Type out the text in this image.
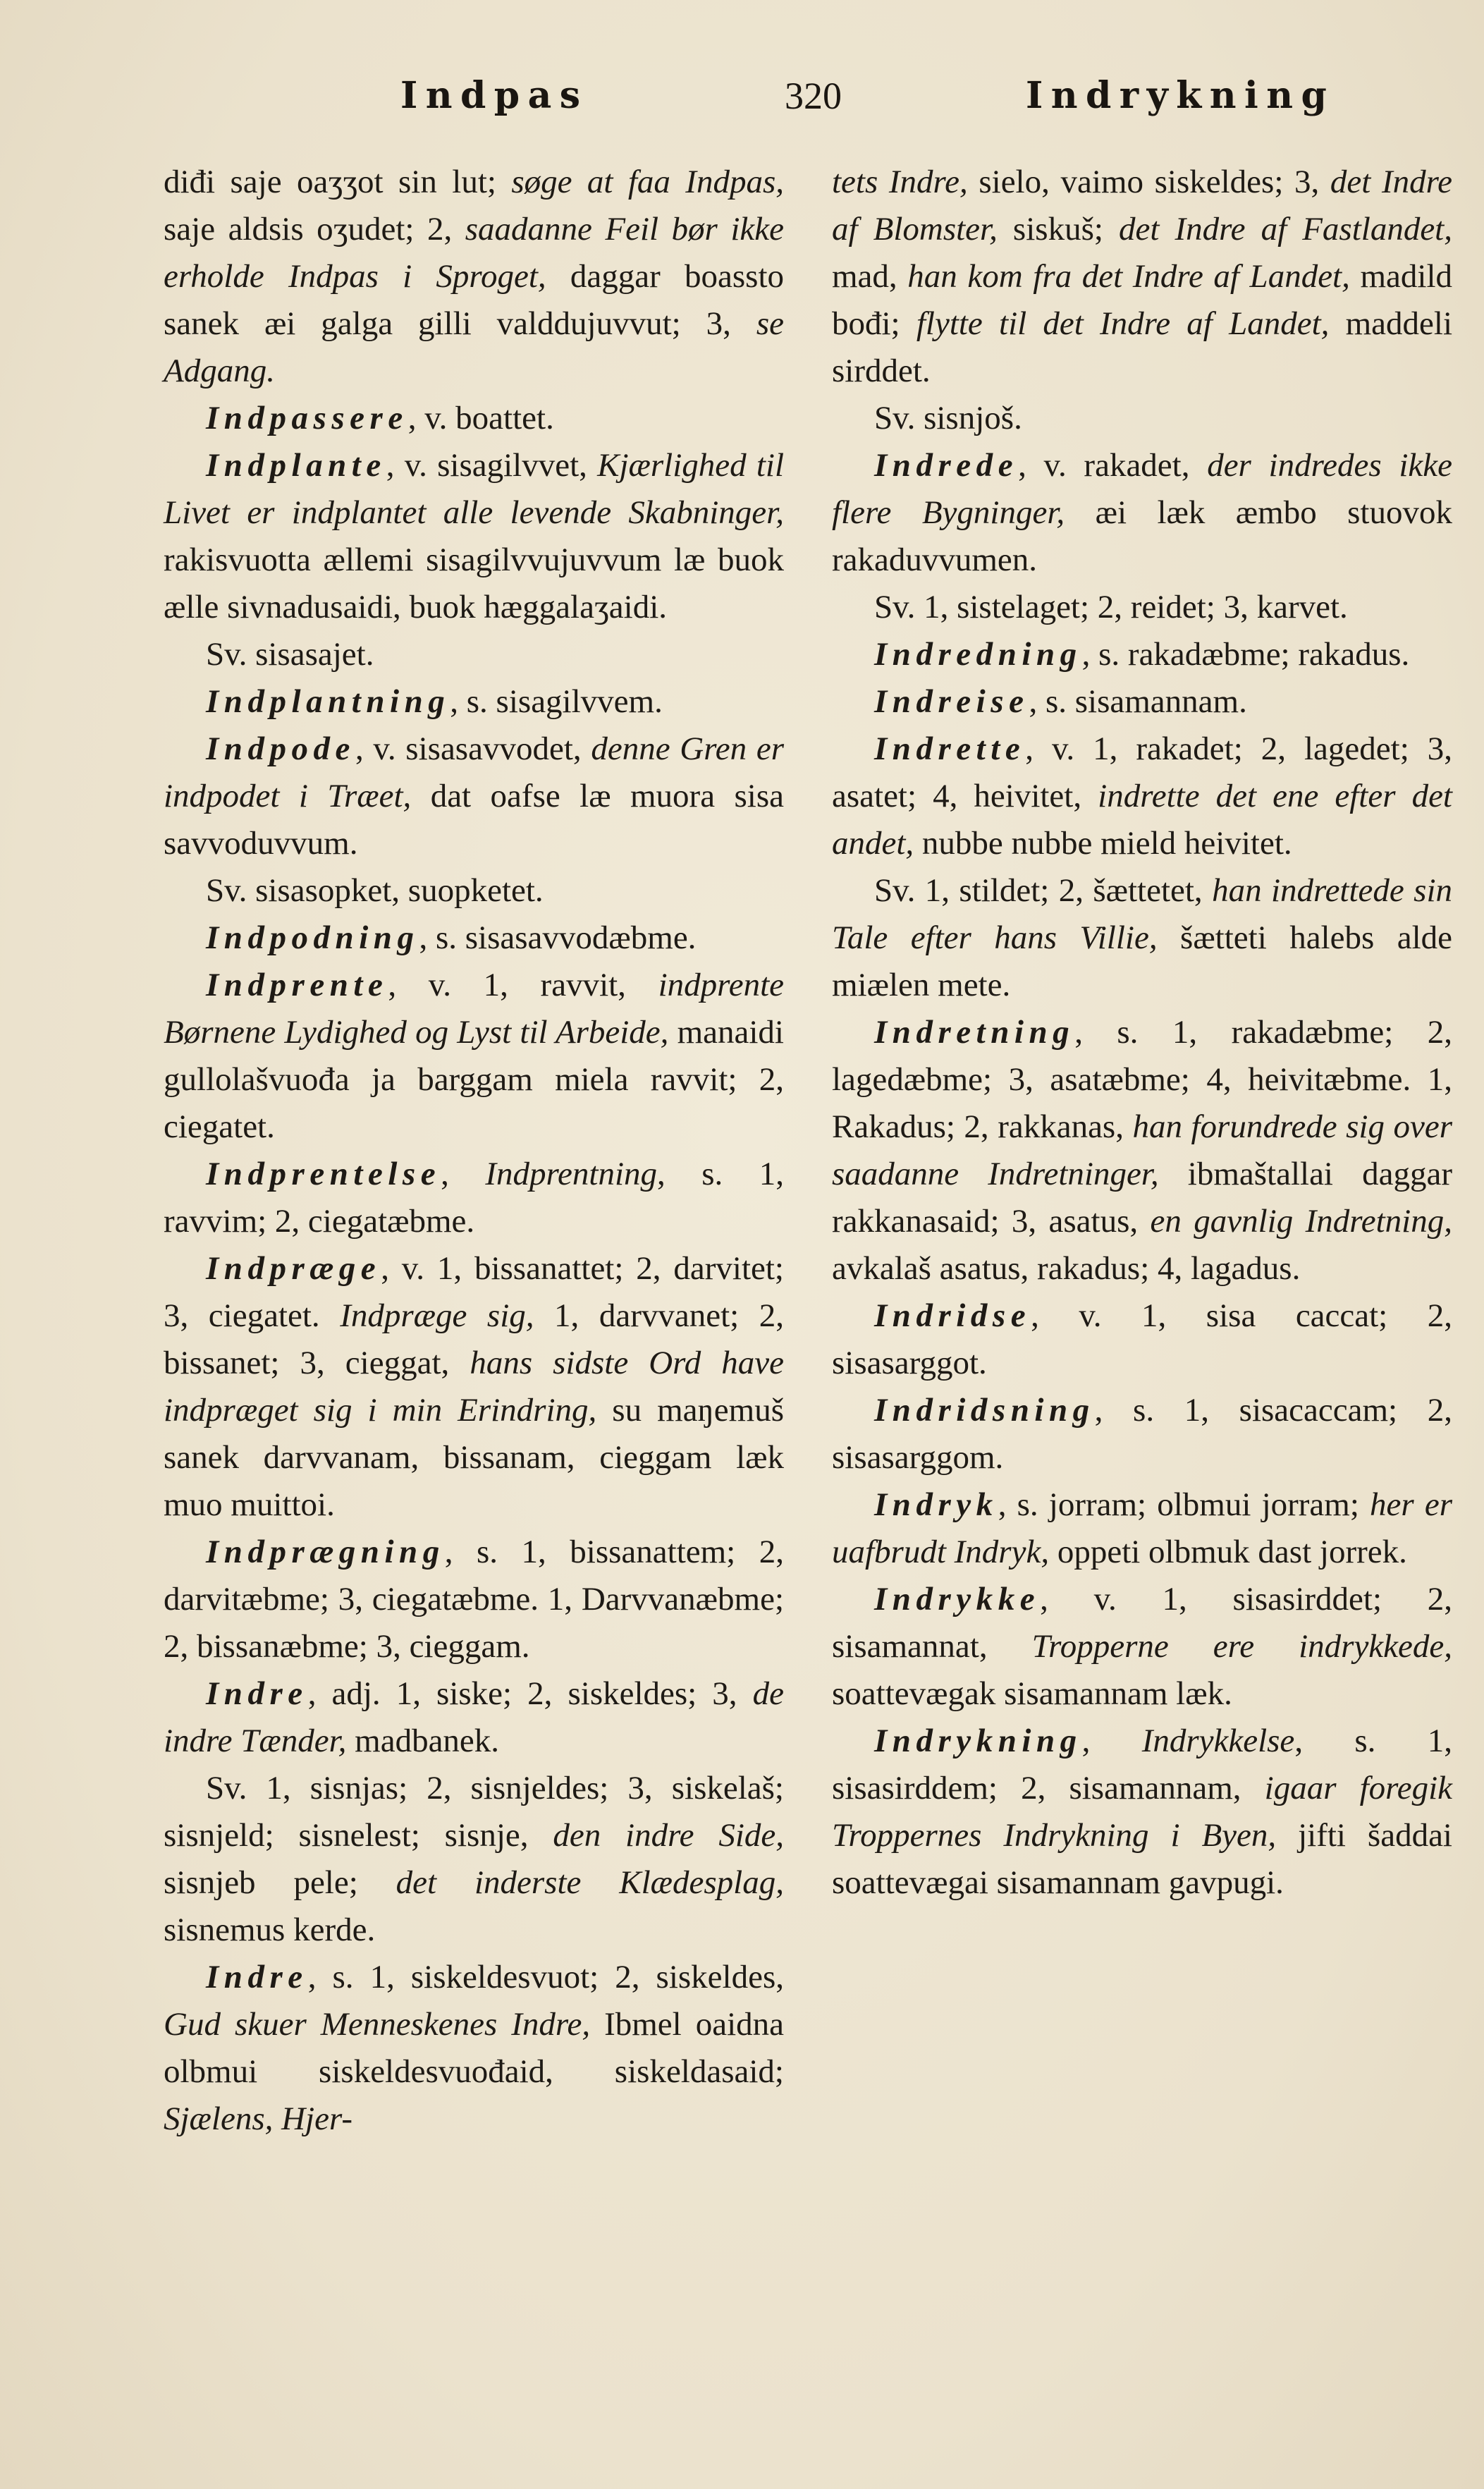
Indpas	320	Indrykning

diđi saje oaʒʒot sin lut; søge at faa Indpas, saje aldsis oʒudet; 2, saadanne Feil bør ikke erholde Indpas i Sproget, daggar boassto sanek æi galga gilli valddujuvvut; 3, se Adgang.

Indpassere, v. boattet.

Indplante, v. sisagilvvet, Kjærlighed til Livet er indplantet alle levende Skabninger, rakisvuotta ællemi sisagilvvujuvvum læ buok ælle sivnadusaidi, buok hæggalaʒaidi.

Sv. sisasajet.

Indplantning, s. sisagilvvem.

Indpode, v. sisasavvodet, denne Gren er indpodet i Træet, dat oafse læ muora sisa savvoduvvum.

Sv. sisasopket, suopketet.

Indpodning, s. sisasavvodæbme.

Indprente, v. 1, ravvit, indprente Børnene Lydighed og Lyst til Arbeide, manaidi gullolašvuođa ja barggam miela ravvit; 2, ciegatet.

Indprentelse, Indprentning, s. 1, ravvim; 2, ciegatæbme.

Indpræge, v. 1, bissanattet; 2, darvitet; 3, ciegatet. Indpræge sig, 1, darvvanet; 2, bissanet; 3, cieggat, hans sidste Ord have indpræget sig i min Erindring, su maŋemuš sanek darvvanam, bissanam, cieggam læk muo muittoi.

Indprægning, s. 1, bissanattem; 2, darvitæbme; 3, ciegatæbme. 1, Darvvanæbme; 2, bissanæbme; 3, cieggam.

Indre, adj. 1, siske; 2, siskeldes; 3, de indre Tænder, madbanek.

Sv. 1, sisnjas; 2, sisnjeldes; 3, siskelaš; sisnjeld; sisnelest; sisnje, den indre Side, sisnjeb pele; det inderste Klædesplag, sisnemus kerde.

Indre, s. 1, siskeldesvuot; 2, siskeldes, Gud skuer Menneskenes Indre, Ibmel oaidna olbmui siskeldesvuođaid, siskeldasaid; Sjælens, Hjer-

tets Indre, sielo, vaimo siskeldes; 3, det Indre af Blomster, siskuš; det Indre af Fastlandet, mad, han kom fra det Indre af Landet, madild bođi; flytte til det Indre af Landet, maddeli sirddet.

Sv. sisnjoš.

Indrede, v. rakadet, der indredes ikke flere Bygninger, æi læk æmbo stuovok rakaduvvumen.

Sv. 1, sistelaget; 2, reidet; 3, karvet.

Indredning, s. rakadæbme; rakadus.

Indreise, s. sisamannam.

Indrette, v. 1, rakadet; 2, lagedet; 3, asatet; 4, heivitet, indrette det ene efter det andet, nubbe nubbe mield heivitet.

Sv. 1, stildet; 2, šættetet, han indrettede sin Tale efter hans Villie, šætteti halebs alde miælen mete.

Indretning, s. 1, rakadæbme; 2, lagedæbme; 3, asatæbme; 4, heivitæbme. 1, Rakadus; 2, rakkanas, han forundrede sig over saadanne Indretninger, ibmaštallai daggar rakkanasaid; 3, asatus, en gavnlig Indretning, avkalaš asatus, rakadus; 4, lagadus.

Indridse, v. 1, sisa caccat; 2, sisasarggot.

Indridsning, s. 1, sisacaccam; 2, sisasarggom.

Indryk, s. jorram; olbmui jorram; her er uafbrudt Indryk, oppeti olbmuk dast jorrek.

Indrykke, v. 1, sisasirddet; 2, sisamannat, Tropperne ere indrykkede, soattevægak sisamannam læk.

Indrykning, Indrykkelse, s. 1, sisasirddem; 2, sisamannam, igaar foregik Troppernes Indrykning i Byen, jifti šaddai soattevægai sisamannam gavpugi.
